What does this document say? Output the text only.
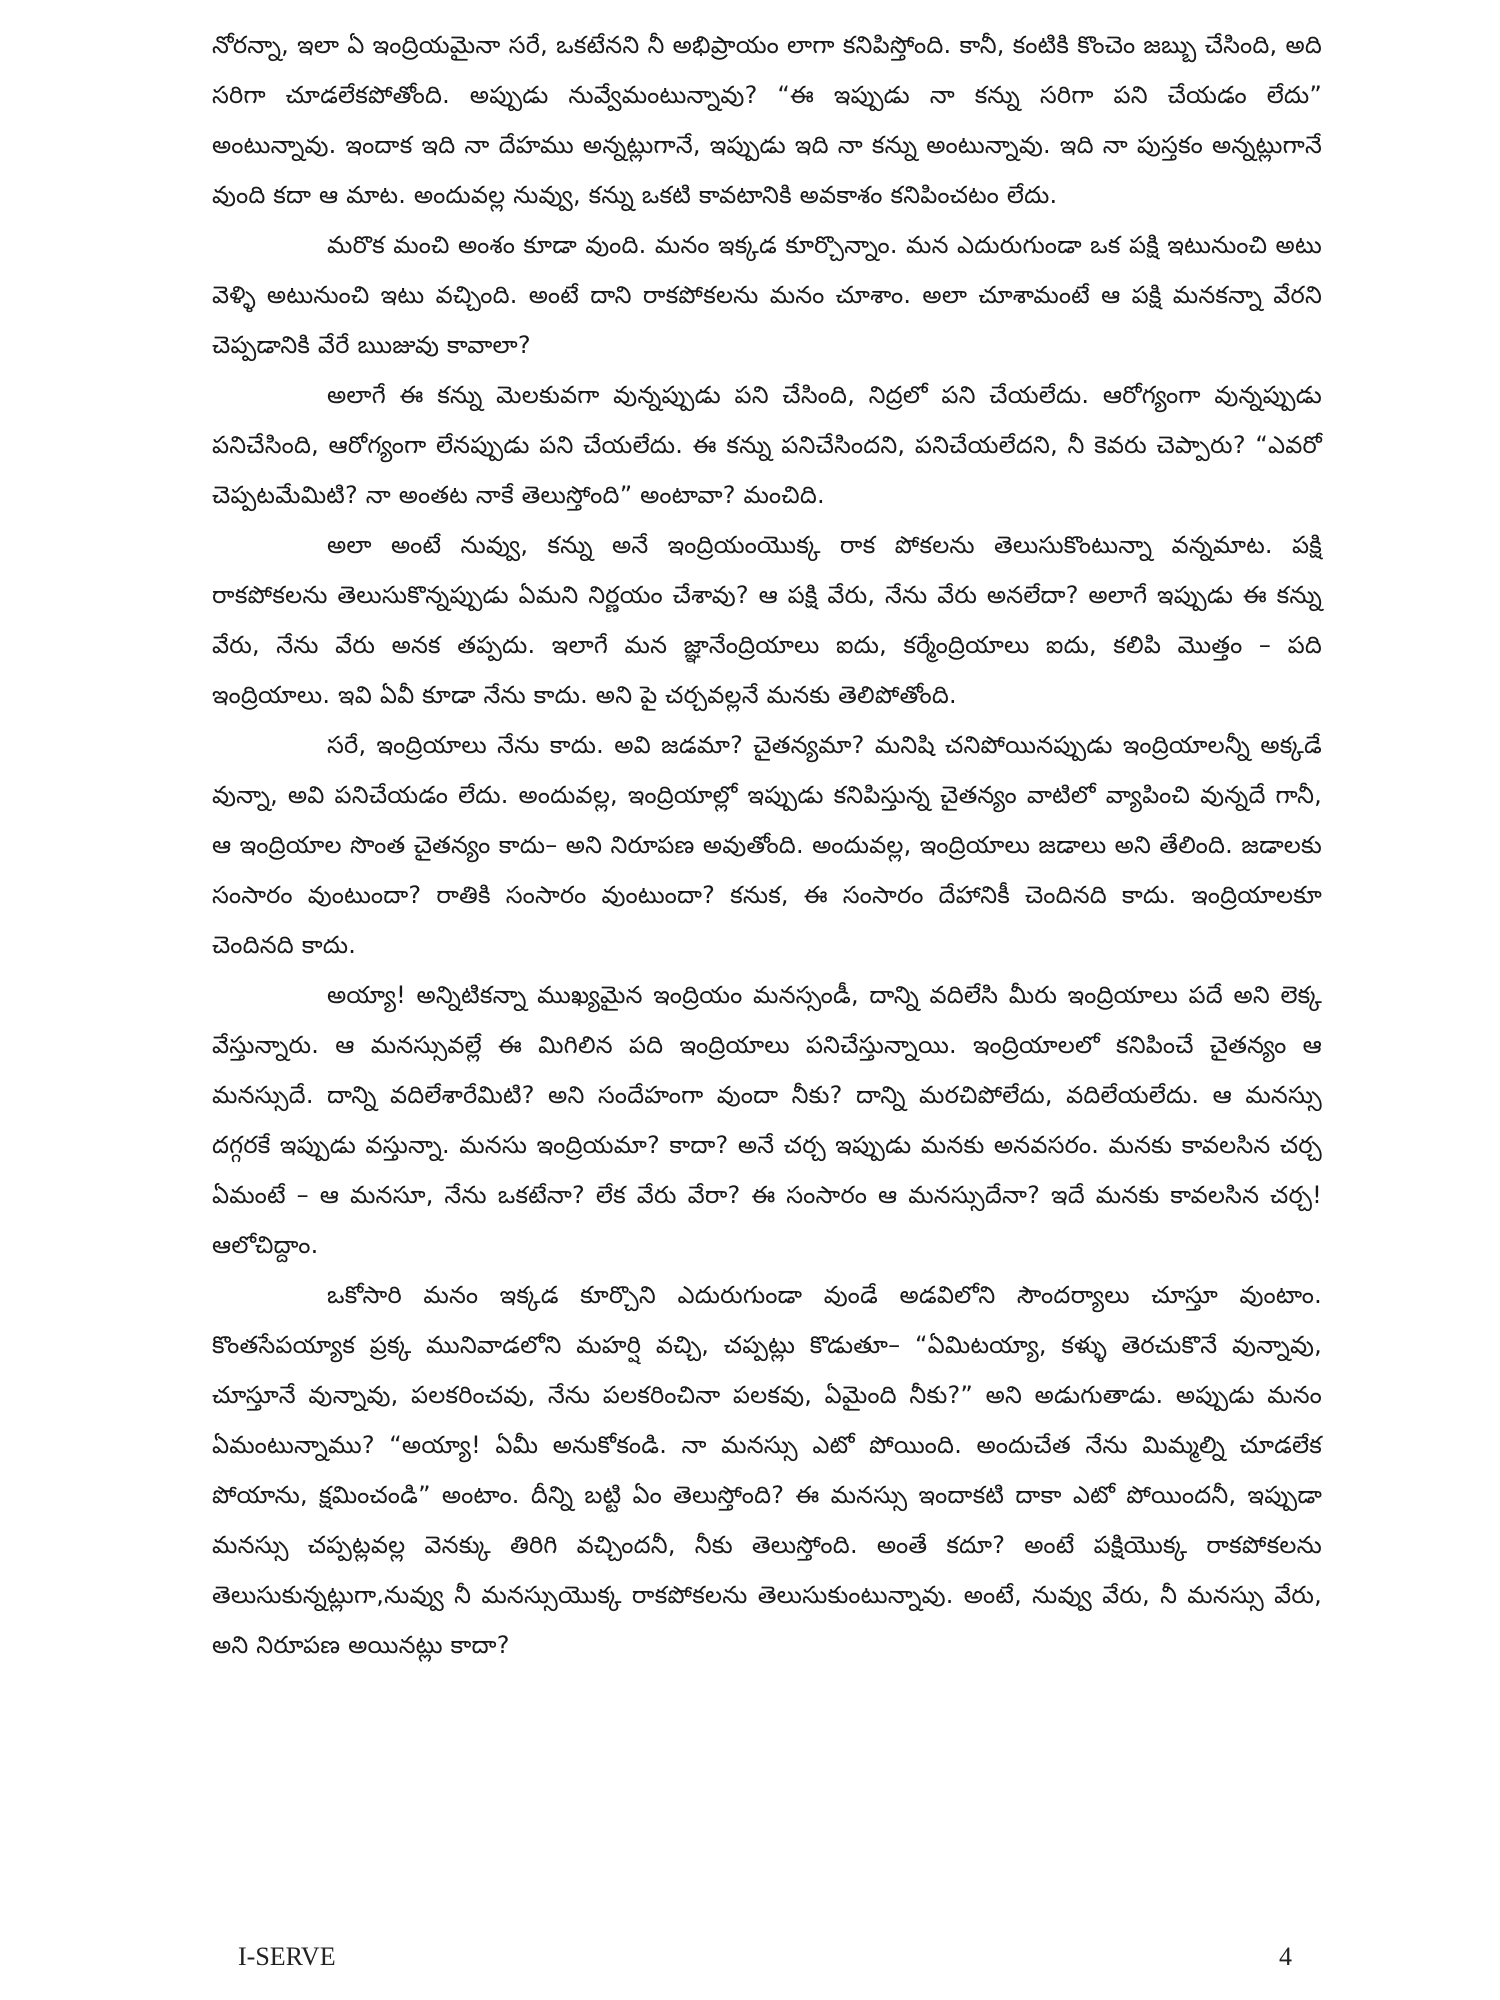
నోరన్నా, ఇలా ఏ ఇంద్రియమైనా సరే, ఒకటేనని నీ అభిప్రాయం లాగా కనిపిస్తోంది. కానీ, కంటికి కొంచెం జబ్బు చేసింది, అది సరిగా చూడలేకపోతోంది. అప్పుడు నువ్వేమంటున్నావు? “ఈ ఇప్పుడు నా కన్ను సరిగా పని చేయడం లేదు” అంటున్నావు. ఇందాక ఇది నా దేహము అన్నట్లుగానే, ఇప్పుడు ఇది నా కన్ను అంటున్నావు. ఇది నా పుస్తకం అన్నట్లుగానే వుంది కదా ఆ మాట. అందువల్ల నువ్వు, కన్ను ఒకటి కావటానికి అవకాశం కనిపించటం లేదు.

మరొక మంచి అంశం కూడా వుంది. మనం ఇక్కడ కూర్చొన్నాం. మన ఎదురుగుండా ఒక పక్షి ఇటునుంచి అటు వెళ్ళి అటునుంచి ఇటు వచ్చింది. అంటే దాని రాకపోకలను మనం చూశాం. అలా చూశామంటే ఆ పక్షి మనకన్నా వేరని చెప్పడానికి వేరే ఋజువు కావాలా?

అలాగే ఈ కన్ను మెలకువగా వున్నప్పుడు పని చేసింది, నిద్రలో పని చేయలేదు. ఆరోగ్యంగా వున్నప్పుడు పనిచేసింది, ఆరోగ్యంగా లేనప్పుడు పని చేయలేదు. ఈ కన్ను పనిచేసిందని, పనిచేయలేదని, నీ కెవరు చెప్పారు? “ఎవరో చెప్పటమేమిటి? నా అంతట నాకే తెలుస్తోంది” అంటావా? మంచిది.

అలా అంటే నువ్వు, కన్ను అనే ఇంద్రియంయొక్క రాక పోకలను తెలుసుకొంటున్నా వన్నమాట. పక్షి రాకపోకలను తెలుసుకొన్నప్పుడు ఏమని నిర్ణయం చేశావు? ఆ పక్షి వేరు, నేను వేరు అనలేదా? అలాగే ఇప్పుడు ఈ కన్ను వేరు, నేను వేరు అనక తప్పదు. ఇలాగే మన జ్ఞానేంద్రియాలు ఐదు, కర్మేంద్రియాలు ఐదు, కలిపి మొత్తం – పది ఇంద్రియాలు. ఇవి ఏవీ కూడా నేను కాదు. అని పై చర్చవల్లనే మనకు తెలిపోతోంది.

సరే, ఇంద్రియాలు నేను కాదు. అవి జడమా? చైతన్యమా? మనిషి చనిపోయినప్పుడు ఇంద్రియాలన్నీ అక్కడే వున్నా, అవి పనిచేయడం లేదు. అందువల్ల, ఇంద్రియాల్లో ఇప్పుడు కనిపిస్తున్న చైతన్యం వాటిలో వ్యాపించి వున్నదే గానీ, ఆ ఇంద్రియాల సొంత చైతన్యం కాదు– అని నిరూపణ అవుతోంది. అందువల్ల, ఇంద్రియాలు జడాలు అని తేలింది. జడాలకు సంసారం వుంటుందా? రాతికి సంసారం వుంటుందా? కనుక, ఈ సంసారం దేహానికీ చెందినది కాదు. ఇంద్రియాలకూ చెందినది కాదు.

అయ్యా! అన్నిటికన్నా ముఖ్యమైన ఇంద్రియం మనస్సండీ, దాన్ని వదిలేసి మీరు ఇంద్రియాలు పదే అని లెక్క వేస్తున్నారు. ఆ మనస్సువల్లే ఈ మిగిలిన పది ఇంద్రియాలు పనిచేస్తున్నాయి. ఇంద్రియాలలో కనిపించే చైతన్యం ఆ మనస్సుదే. దాన్ని వదిలేశారేమిటి? అని సందేహంగా వుందా నీకు? దాన్ని మరచిపోలేదు, వదిలేయలేదు. ఆ మనస్సు దగ్గరకే ఇప్పుడు వస్తున్నా. మనసు ఇంద్రియమా? కాదా? అనే చర్చ ఇప్పుడు మనకు అనవసరం. మనకు కావలసిన చర్చ ఏమంటే – ఆ మనసూ, నేను ఒకటేనా? లేక వేరు వేరా? ఈ సంసారం ఆ మనస్సుదేనా? ఇదే మనకు కావలసిన చర్చ! ఆలోచిద్దాం.

ఒకోసారి మనం ఇక్కడ కూర్చొని ఎదురుగుండా వుండే అడవిలోని సౌందర్యాలు చూస్తూ వుంటాం. కొంతసేపయ్యాక ప్రక్క మునివాడలోని మహర్షి వచ్చి, చప్పట్లు కొడుతూ– “ఏమిటయ్యా, కళ్ళు తెరచుకొనే వున్నావు, చూస్తూనే వున్నావు, పలకరించవు, నేను పలకరించినా పలకవు, ఏమైంది నీకు?” అని అడుగుతాడు. అప్పుడు మనం ఏమంటున్నాము? “అయ్యా! ఏమీ అనుకోకండి. నా మనస్సు ఎటో పోయింది. అందుచేత నేను మిమ్మల్ని చూడలేక పోయాను, క్షమించండి” అంటాం. దీన్ని బట్టి ఏం తెలుస్తోంది? ఈ మనస్సు ఇందాకటి దాకా ఎటో పోయిందనీ, ఇప్పుడా మనస్సు చప్పట్లవల్ల వెనక్కు తిరిగి వచ్చిందనీ, నీకు తెలుస్తోంది. అంతే కదూ? అంటే పక్షియొక్క రాకపోకలను తెలుసుకున్నట్లుగా,నువ్వు నీ మనస్సుయొక్క రాకపోకలను తెలుసుకుంటున్నావు. అంటే, నువ్వు వేరు, నీ మనస్సు వేరు, అని నిరూపణ అయినట్లు కాదా?

I-SERVE	4
